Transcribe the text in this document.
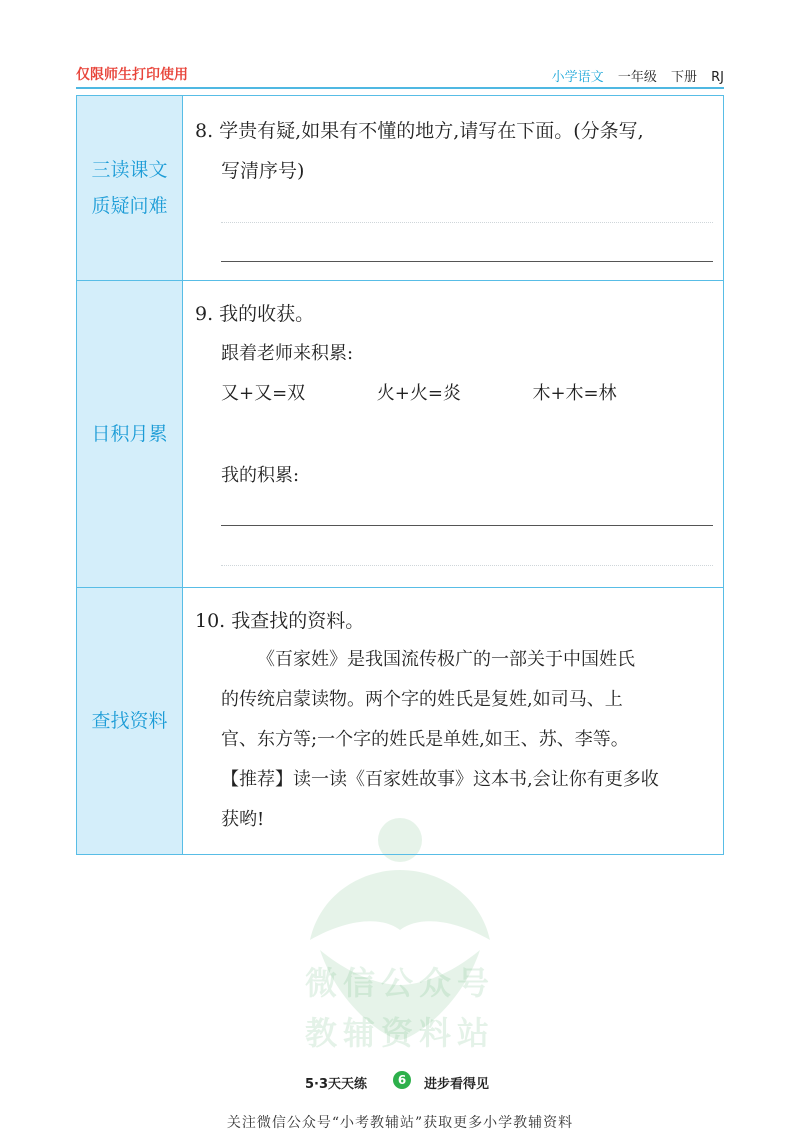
仅限师生打印使用	小学语文 一年级 下册 RJ
微信公众号
教辅资料站
三读课文
质疑问难
8. 学贵有疑,如果有不懂的地方,请写在下面。(分条写,
写清序号)
日积月累
9. 我的收获。
跟着老师来积累:
又+又=双	火+火=炎	木+木=林
我的积累:
查找资料
10. 我查找的资料。
《百家姓》是我国流传极广的一部关于中国姓氏
的传统启蒙读物。两个字的姓氏是复姓,如司马、上
官、东方等;一个字的姓氏是单姓,如王、苏、李等。
【推荐】读一读《百家姓故事》这本书,会让你有更多收
获哟!
5·3天天练	6	进步看得见
关注微信公众号“小考教辅站”获取更多小学教辅资料
